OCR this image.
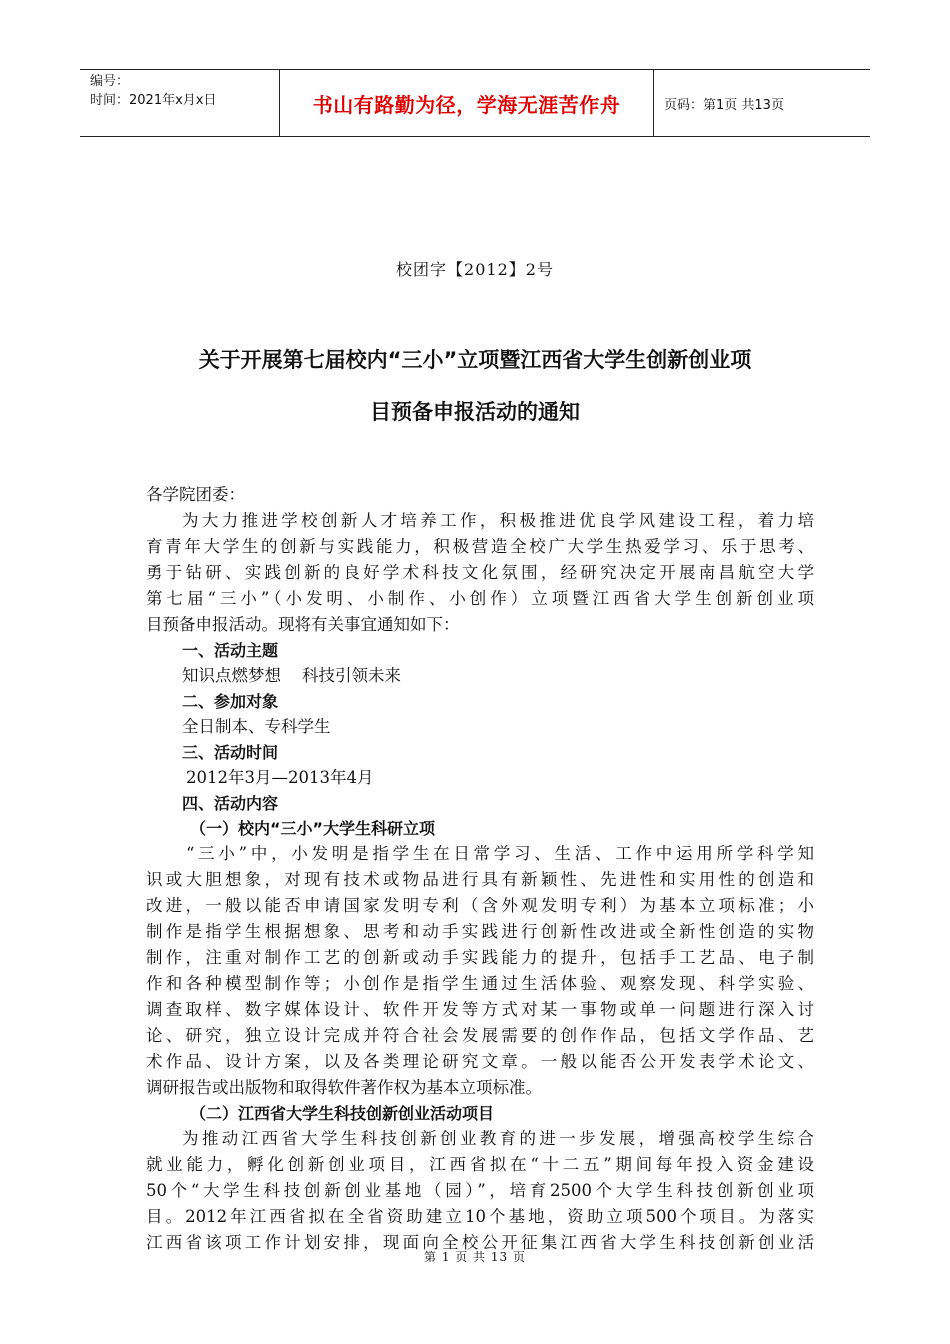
编号：
时间：2021年x月x日	书山有路勤为径，学海无涯苦作舟	页码：第1页 共13页
校团字【2012】2号
关于开展第七届校内“三小”立项暨江西省大学生创新创业项
目预备申报活动的通知
各学院团委：
为大力推进学校创新人才培养工作，积极推进优良学风建设工程，着力培
育青年大学生的创新与实践能力，积极营造全校广大学生热爱学习、乐于思考、
勇于钻研、实践创新的良好学术科技文化氛围，经研究决定开展南昌航空大学
第七届“三小”（小发明、小制作、小创作）立项暨江西省大学生创新创业项
目预备申报活动。现将有关事宜通知如下：
一、活动主题
知识点燃梦想    科技引领未来
二、参加对象
全日制本、专科学生
三、活动时间
2012年3月—2013年4月
四、活动内容
（一）校内“三小”大学生科研立项
“三小”中，小发明是指学生在日常学习、生活、工作中运用所学科学知
识或大胆想象，对现有技术或物品进行具有新颖性、先进性和实用性的创造和
改进，一般以能否申请国家发明专利（含外观发明专利）为基本立项标准；小
制作是指学生根据想象、思考和动手实践进行创新性改进或全新性创造的实物
制作，注重对制作工艺的创新或动手实践能力的提升，包括手工艺品、电子制
作和各种模型制作等；小创作是指学生通过生活体验、观察发现、科学实验、
调查取样、数字媒体设计、软件开发等方式对某一事物或单一问题进行深入讨
论、研究，独立设计完成并符合社会发展需要的创作作品，包括文学作品、艺
术作品、设计方案，以及各类理论研究文章。一般以能否公开发表学术论文、
调研报告或出版物和取得软件著作权为基本立项标准。
（二）江西省大学生科技创新创业活动项目
为推动江西省大学生科技创新创业教育的进一步发展，增强高校学生综合
就业能力，孵化创新创业项目，江西省拟在“十二五”期间每年投入资金建设
50个“大学生科技创新创业基地（园）”，培育2500个大学生科技创新创业项
目。2012年江西省拟在全省资助建立10个基地，资助立项500个项目。为落实
江西省该项工作计划安排，现面向全校公开征集江西省大学生科技创新创业活
第 1 页 共 13 页
